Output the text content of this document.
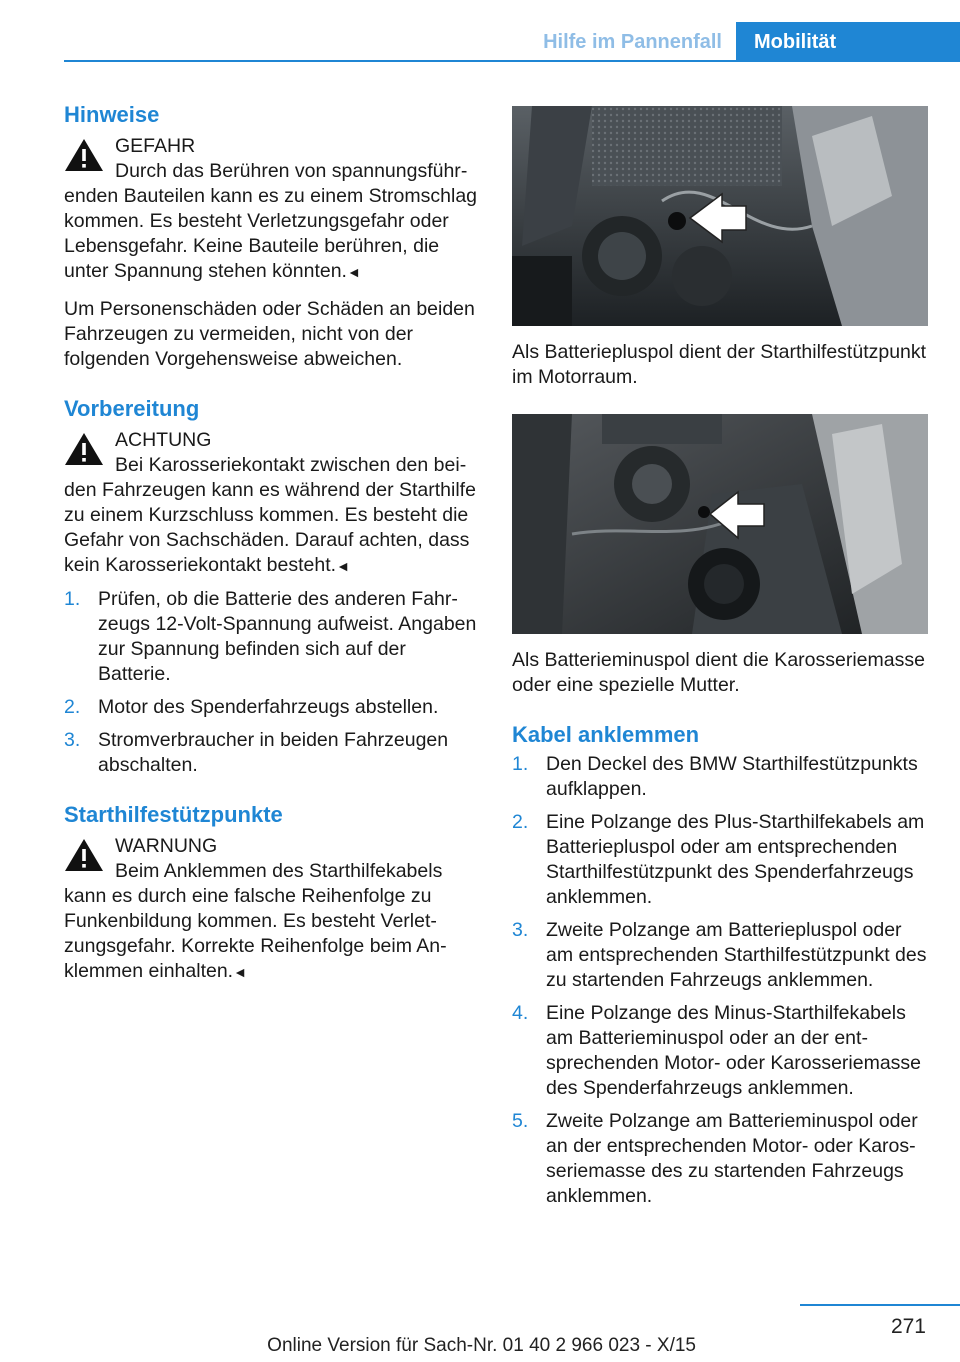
Hilfe im Pannenfall	Mobilität
Hinweise
GEFAHR
Durch das Berühren von spannungsführenden Bauteilen kann es zu einem Stromschlag kommen. Es besteht Verletzungsgefahr oder Lebensgefahr. Keine Bauteile berühren, die unter Spannung stehen könnten.◄
Um Personenschäden oder Schäden an beiden Fahrzeugen zu vermeiden, nicht von der folgenden Vorgehensweise abweichen.
Vorbereitung
ACHTUNG
Bei Karosseriekontakt zwischen den beiden Fahrzeugen kann es während der Starthilfe zu einem Kurzschluss kommen. Es besteht die Gefahr von Sachschäden. Darauf achten, dass kein Karosseriekontakt besteht.◄
1. Prüfen, ob die Batterie des anderen Fahrzeugs 12-Volt-Spannung aufweist. Angaben zur Spannung befinden sich auf der Batterie.
2. Motor des Spenderfahrzeugs abstellen.
3. Stromverbraucher in beiden Fahrzeugen abschalten.
Starthilfestützpunkte
WARNUNG
Beim Anklemmen des Starthilfekabels kann es durch eine falsche Reihenfolge zu Funkenbildung kommen. Es besteht Verletzungsgefahr. Korrekte Reihenfolge beim Anklemmen einhalten.◄
Als Batteriepluspol dient der Starthilfestützpunkt im Motorraum.
Als Batterieminuspol dient die Karosseriemasse oder eine spezielle Mutter.
Kabel anklemmen
1. Den Deckel des BMW Starthilfestützpunkts aufklappen.
2. Eine Polzange des Plus-Starthilfekabels am Batteriepluspol oder am entsprechenden Starthilfestützpunkt des Spenderfahrzeugs anklemmen.
3. Zweite Polzange am Batteriepluspol oder am entsprechenden Starthilfestützpunkt des zu startenden Fahrzeugs anklemmen.
4. Eine Polzange des Minus-Starthilfekabels am Batterieminuspol oder an der entsprechenden Motor- oder Karosseriemasse des Spenderfahrzeugs anklemmen.
5. Zweite Polzange am Batterieminuspol oder an der entsprechenden Motor- oder Karosseriemasse des zu startenden Fahrzeugs anklemmen.
271
Online Version für Sach-Nr. 01 40 2 966 023 - X/15
